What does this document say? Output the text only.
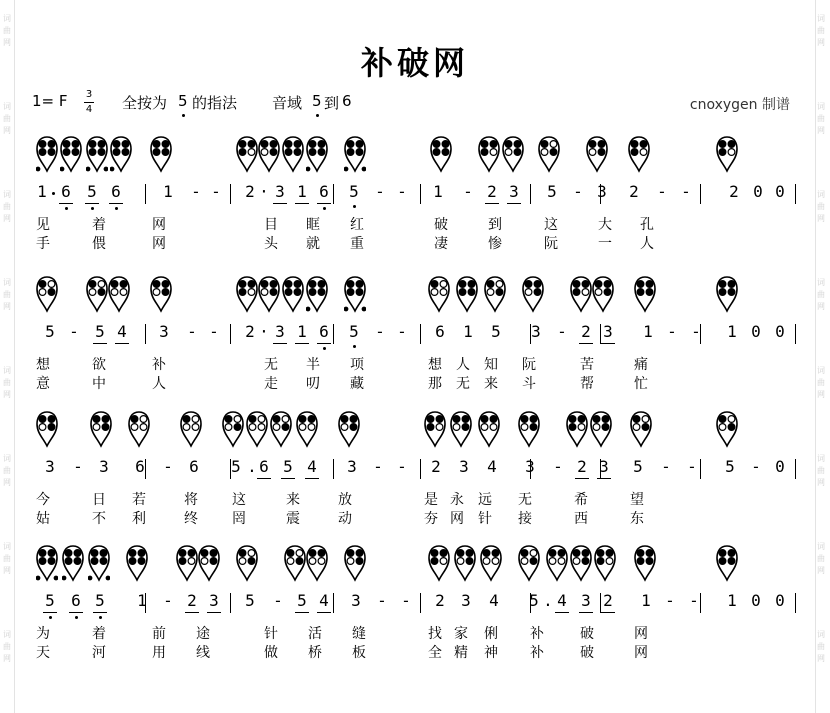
词	词
曲	曲
网	网
词	词
曲	曲
网	网
词	词
曲	曲
网	网
词	词
曲	曲
网	网
词	词
曲	曲
网	网
词	词
曲	曲
网	网
词	词
曲	曲
网	网
词	词
曲	曲
网	网
补破网
1= F 3
4 全按为 5 的指法 音域 5 到 6	cnoxygen 制谱
1 6 5 6	1 - - 2 · 3 1 6 5 - - 1 - 2 3 5 - 3 2 - - 2 0 0
见	着	网	目 眶 红	破	到	这	大 孔
手	偎	网	头 就 重	凄	惨	阮	一 人
5 - 5 4 3 - - 2 · 3 1 6 5 - - 6 1 5 3 - 2 3 1 - - 1 0 0
想	欲	补	无 半 项	想 人 知 阮	苦	痛
意	中	人	走 叨 藏	那 无 来 斗	帮	忙
3 - 3 6 - 6 5 . 6 5 4 3 - - 2 3 4 3 - 2 3 5 - - 5 - 0
今	日 若	将 这	来	放	是 永 远 无	希	望
姑	不 利	终 罔	震	动	夯 网 针 接	西	东
5 6 5 1 - 2 3 5 - 5 4 3 - - 2 3 4 5 . 4 3 2 1 - - 1 0 0
为	着	前 途	针 活 缝	找 家 俐 补	破	网
天	河	用 线	做 桥 板	全 精 神 补	破	网
